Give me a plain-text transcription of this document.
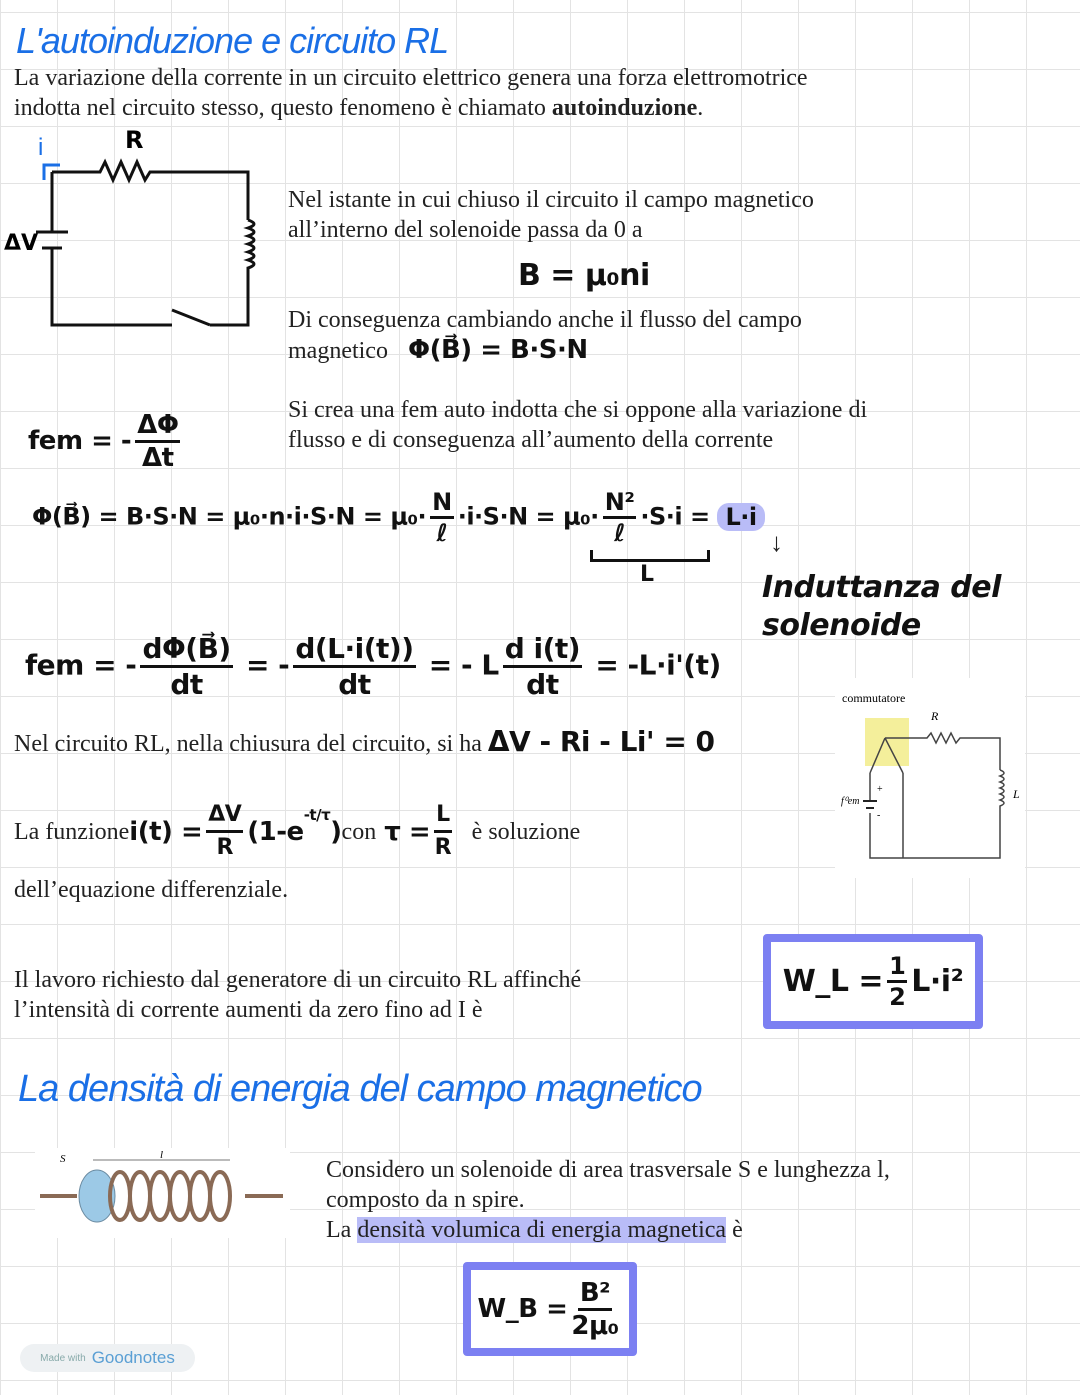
L'autoinduzione e circuito RL
La variazione della corrente in un circuito elettrico genera una forza elettromotrice
indotta nel circuito stesso, questo fenomeno è chiamato autoinduzione.
i	R
ΔV
Nel istante in cui chiuso il circuito il campo magnetico
all’interno del solenoide passa da 0 a
B = μ₀ni
Di conseguenza cambiando anche il flusso del campo
magnetico Φ(B⃗) = B·S·N
Si crea una fem auto indotta che si oppone alla variazione di
flusso e di conseguenza all’aumento della corrente
fem = - $\frac{\Delta\Phi}{\Delta t}$
Φ(B⃗) = $B\cdot S\cdot N = \mu_0\cdot n\cdot i\cdot S\cdot N = \mu_0\cdot \frac{N}{\text{ℓ}} \cdot i\cdot S\cdot N = \mu_0\cdot \frac{\text{N²}}{\text{ℓ}} \cdot S\cdot i = L\cdot i$
L
↓
Induttanza del
solenoide
fem = - $\frac{d\Phi(B⃗)}{dt}$ = - $\frac{d(L\cdot i(t))}{dt}$ = - L $\frac{\text{d i(t)}}{dt} = -L\cdot i'(t)$
Nel circuito RL, nella chiusura del circuito, si ha ΔV - Ri - Li' = 0
La funzione $i(t) = \frac{\Delta V}{R} (1-e$
$^{-t/\tau}$
) con $\tau = \frac{L}{R}$ è soluzione
dell’equazione differenziale.
commutatore
R
L
f⁰em
+
-
Il lavoro richiesto dal generatore di un circuito RL affinché
l’intensità di corrente aumenti da zero fino ad I è
W_L = $\frac{1}{2} L\cdot i^2$
La densità di energia del campo magnetico
S	l
Considero un solenoide di area trasversale S e lunghezza l,
composto da n spire.
La densità volumica di energia magnetica è
W_B = $\frac{\text{B²}}{\text{2μ₀}}$
Made with Goodnotes
